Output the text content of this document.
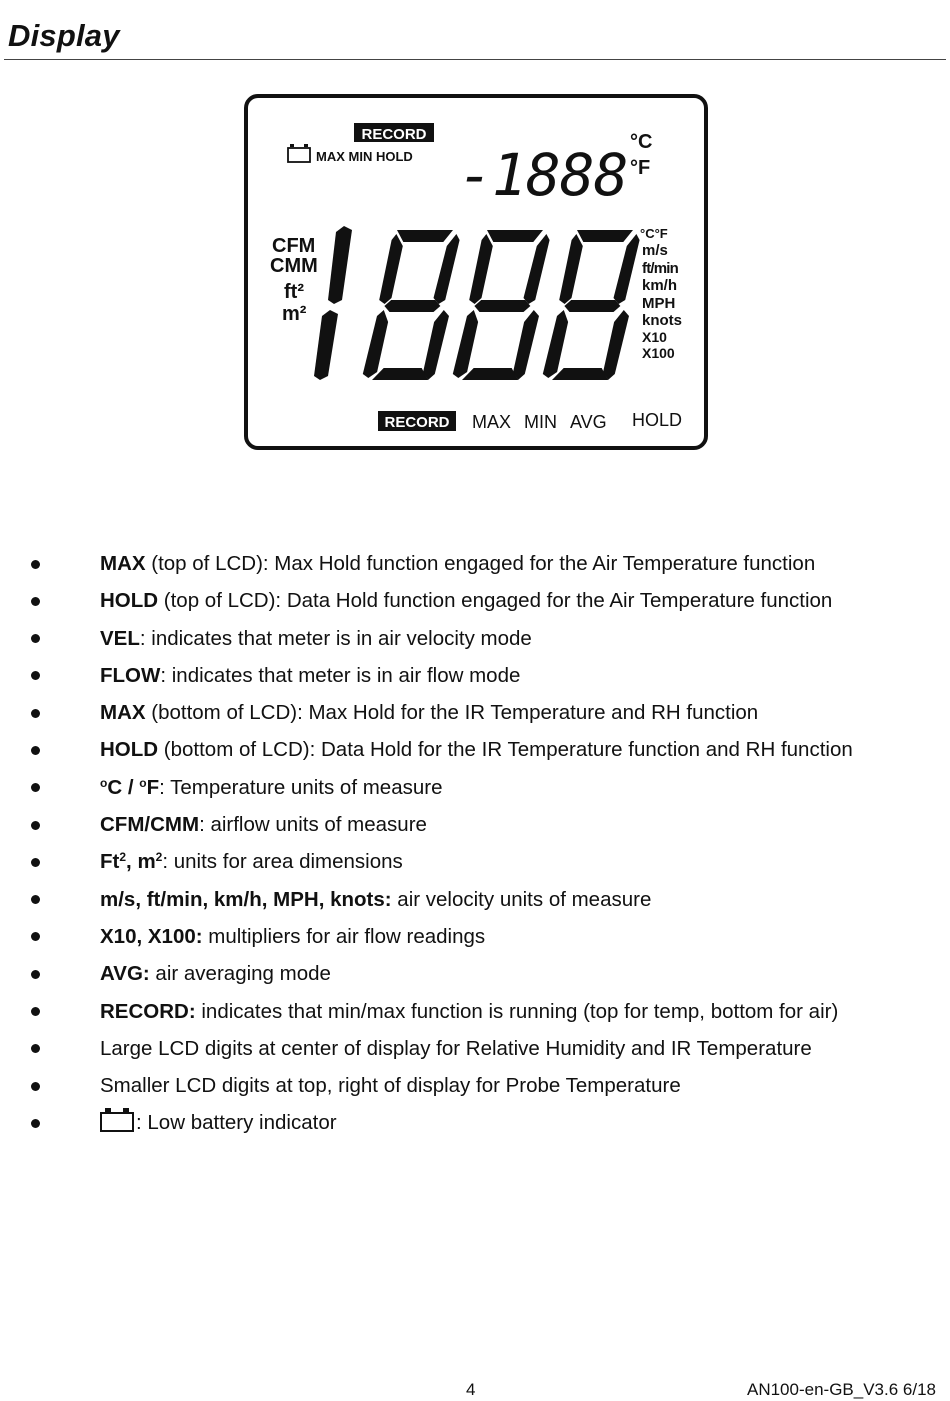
Display
RECORD
MAX MIN HOLD -1888 °C
°F
CFM
CMM
ft²
m²
°C°F
m/s
ft/min
km/h
MPH
knots
X10
X100
RECORD MAX MIN AVG HOLD
MAX (top of LCD): Max Hold function engaged for the Air Temperature function
HOLD (top of LCD): Data Hold function engaged for the Air Temperature function
VEL: indicates that meter is in air velocity mode
FLOW: indicates that meter is in air flow mode
MAX (bottom of LCD): Max Hold for the IR Temperature and RH function
HOLD (bottom of LCD): Data Hold for the IR Temperature function and RH function
$^o$C / $^o$F: Temperature units of measure
CFM/CMM: airflow units of measure
Ft$^2$, $m^2$: units for area dimensions
m/s, ft/min, km/h, MPH, knots: air velocity units of measure
X10, X100: multipliers for air flow readings
AVG: air averaging mode
RECORD: indicates that min/max function is running (top for temp, bottom for air)
Large LCD digits at center of display for Relative Humidity and IR Temperature
Smaller LCD digits at top, right of display for Probe Temperature
: Low battery indicator
4	AN100-en-GB_V3.6 6/18
